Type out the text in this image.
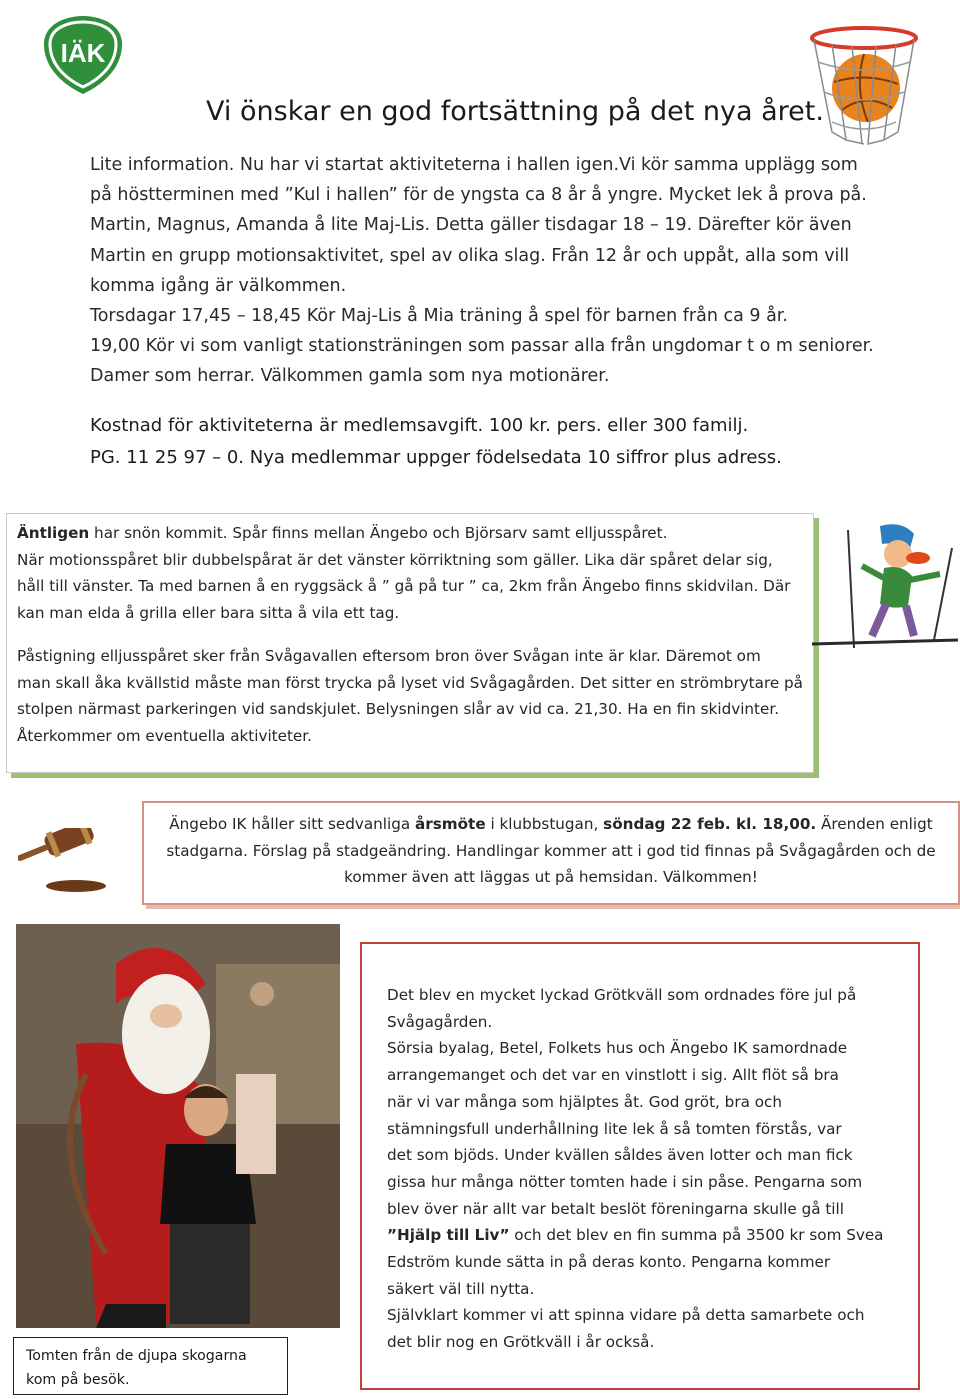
IÄK
Vi önskar en god fortsättning på det nya året.

Lite information. Nu har vi startat aktiviteterna i hallen igen.Vi kör samma upplägg som

på höstterminen med ”Kul i hallen” för de yngsta ca 8 år å yngre. Mycket lek å prova på.

Martin, Magnus, Amanda å lite Maj-Lis. Detta gäller tisdagar 18 – 19. Därefter kör även

Martin en grupp motionsaktivitet, spel av olika slag. Från 12 år och uppåt, alla som vill

komma igång är välkommen.

Torsdagar 17,45 – 18,45 Kör Maj-Lis å Mia träning å spel för barnen från ca 9 år.

19,00 Kör vi som vanligt stationsträningen som passar alla från ungdomar t o m seniorer.

Damer som herrar. Välkommen gamla som nya motionärer.

Kostnad för aktiviteterna är medlemsavgift. 100 kr. pers. eller 300 familj.

PG. 11 25 97 – 0. Nya medlemmar uppger födelsedata 10 siffror plus adress.

Äntligen har snön kommit. Spår finns mellan Ängebo och Björsarv samt elljusspåret.

När motionsspåret blir dubbelspårat är det vänster körriktning som gäller. Lika där spåret delar sig,

håll till vänster. Ta med barnen å en ryggsäck å ” gå på tur ” ca, 2km från Ängebo finns skidvilan. Där

kan man elda å grilla eller bara sitta å vila ett tag.

Påstigning elljusspåret sker från Svågavallen eftersom bron över Svågan inte är klar. Däremot om

man skall åka kvällstid måste man först trycka på lyset vid Svågagården. Det sitter en strömbrytare på

stolpen närmast parkeringen vid sandskjulet. Belysningen slår av vid ca. 21,30. Ha en fin skidvinter.

Återkommer om eventuella aktiviteter.

Ängebo IK håller sitt sedvanliga årsmöte i klubbstugan, söndag 22 feb. kl. 18,00. Ärenden enligt

stadgarna. Förslag på stadgeändring. Handlingar kommer att i god tid finnas på Svågagården och de

kommer även att läggas ut på hemsidan. Välkommen!

Tomten från de djupa skogarna
kom på besök.

Det blev en mycket lyckad Grötkväll som ordnades före jul på

Svågagården.

Sörsia byalag, Betel, Folkets hus och Ängebo IK samordnade

arrangemanget och det var en vinstlott i sig. Allt flöt så bra

när vi var många som hjälptes åt. God gröt, bra och

stämningsfull underhållning lite lek å så tomten förstås, var

det som bjöds. Under kvällen såldes även lotter och man fick

gissa hur många nötter tomten hade i sin påse. Pengarna som

blev över när allt var betalt beslöt föreningarna skulle gå till

”Hjälp till Liv” och det blev en fin summa på 3500 kr som Svea

Edström kunde sätta in på deras konto. Pengarna kommer

säkert väl till nytta.

Självklart kommer vi att spinna vidare på detta samarbete och

det blir nog en Grötkväll i år också.
